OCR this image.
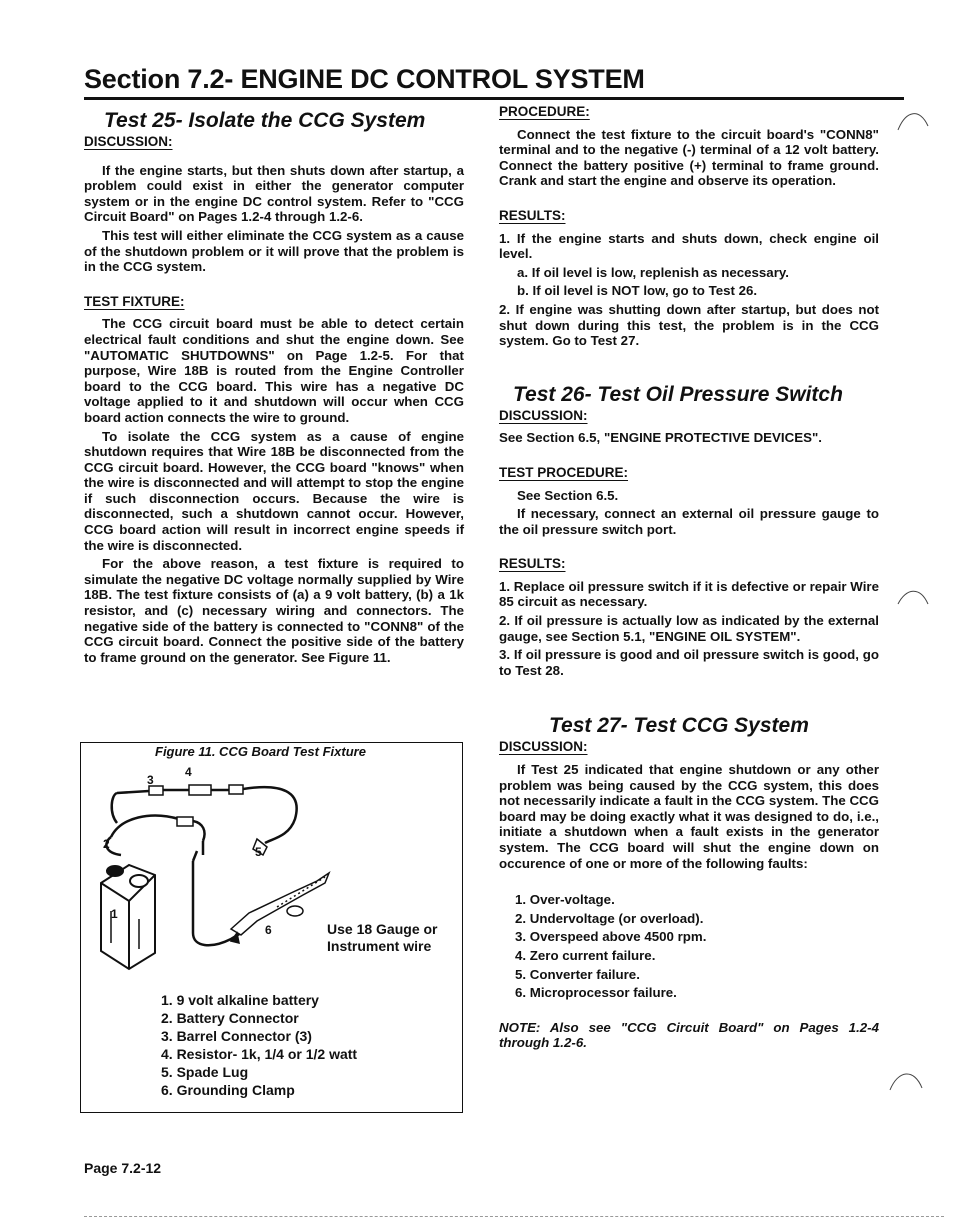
Section 7.2- ENGINE DC CONTROL SYSTEM
Test 25- Isolate the CCG System
DISCUSSION:

If the engine starts, but then shuts down after startup, a problem could exist in either the generator computer system or in the engine DC control system. Refer to "CCG Circuit Board" on Pages 1.2-4 through 1.2-6.

This test will either eliminate the CCG system as a cause of the shutdown problem or it will prove that the problem is in the CCG system.

TEST FIXTURE:

The CCG circuit board must be able to detect certain electrical fault conditions and shut the engine down. See "AUTOMATIC SHUTDOWNS" on Page 1.2-5. For that purpose, Wire 18B is routed from the Engine Controller board to the CCG board. This wire has a negative DC voltage applied to it and shutdown will occur when CCG board action connects the wire to ground.

To isolate the CCG system as a cause of engine shutdown requires that Wire 18B be disconnected from the CCG circuit board. However, the CCG board "knows" when the wire is disconnected and will attempt to stop the engine if such disconnection occurs. Because the wire is disconnected, such a shutdown cannot occur. However, CCG board action will result in incorrect engine speeds if the wire is disconnected.

For the above reason, a test fixture is required to simulate the negative DC voltage normally supplied by Wire 18B. The test fixture consists of (a) a 9 volt battery, (b) a 1k resistor, and (c) necessary wiring and connectors. The negative side of the battery is connected to "CONN8" of the CCG circuit board. Connect the positive side of the battery to frame ground on the generator. See Figure 11.

Figure 11. CCG Board Test Fixture
3
4
2
5
1
6	Use 18 Gauge or Instrument wire
1. 9 volt alkaline battery
2. Battery Connector
3. Barrel Connector (3)
4. Resistor- 1k, 1/4 or 1/2 watt
5. Spade Lug
6. Grounding Clamp
PROCEDURE:

Connect the test fixture to the circuit board's "CONN8" terminal and to the negative (-) terminal of a 12 volt battery. Connect the battery positive (+) terminal to frame ground. Crank and start the engine and observe its operation.

RESULTS:

1. If the engine starts and shuts down, check engine oil level.

a. If oil level is low, replenish as necessary.

b. If oil level is NOT low, go to Test 26.

2. If engine was shutting down after startup, but does not shut down during this test, the problem is in the CCG system. Go to Test 27.

Test 26- Test Oil Pressure Switch
DISCUSSION:

See Section 6.5, "ENGINE PROTECTIVE DEVICES".

TEST PROCEDURE:

See Section 6.5.

If necessary, connect an external oil pressure gauge to the oil pressure switch port.

RESULTS:

1. Replace oil pressure switch if it is defective or repair Wire 85 circuit as necessary.

2. If oil pressure is actually low as indicated by the external gauge, see Section 5.1, "ENGINE OIL SYSTEM".

3. If oil pressure is good and oil pressure switch is good, go to Test 28.

Test 27- Test CCG System
DISCUSSION:

If Test 25 indicated that engine shutdown or any other problem was being caused by the CCG system, this does not necessarily indicate a fault in the CCG system. The CCG board may be doing exactly what it was designed to do, i.e., initiate a shutdown when a fault exists in the generator system. The CCG board will shut the engine down on occurence of one or more of the following faults:

1. Over-voltage.
2. Undervoltage (or overload).
3. Overspeed above 4500 rpm.
4. Zero current failure.
5. Converter failure.
6. Microprocessor failure.

NOTE: Also see "CCG Circuit Board" on Pages 1.2-4 through 1.2-6.

Page 7.2-12
